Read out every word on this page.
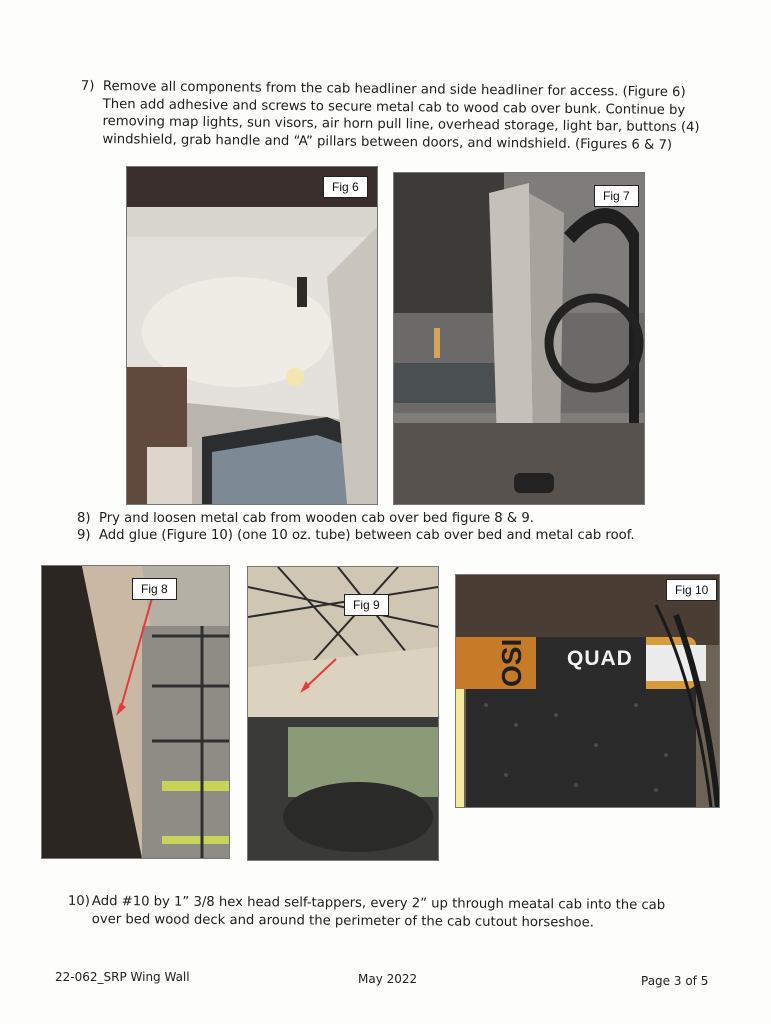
7) Remove all components from the cab headliner and side headliner for access. (Figure 6) Then add adhesive and screws to secure metal cab to wood cab over bunk. Continue by removing map lights, sun visors, air horn pull line, overhead storage, light bar, buttons (4) windshield, grab handle and “A” pillars between doors, and windshield. (Figures 6 & 7)
Fig 6
Fig 7
8) Pry and loosen metal cab from wooden cab over bed figure 8 & 9.
9) Add glue (Figure 10) (one 10 oz. tube) between cab over bed and metal cab roof.
Fig 8
Fig 9
OSI QUAD
Fig 10
10) Add #10 by 1” 3/8 hex head self-tappers, every 2” up through meatal cab into the cab over bed wood deck and around the perimeter of the cab cutout horseshoe.
22-062_SRP Wing Wall	May 2022	Page 3 of 5
